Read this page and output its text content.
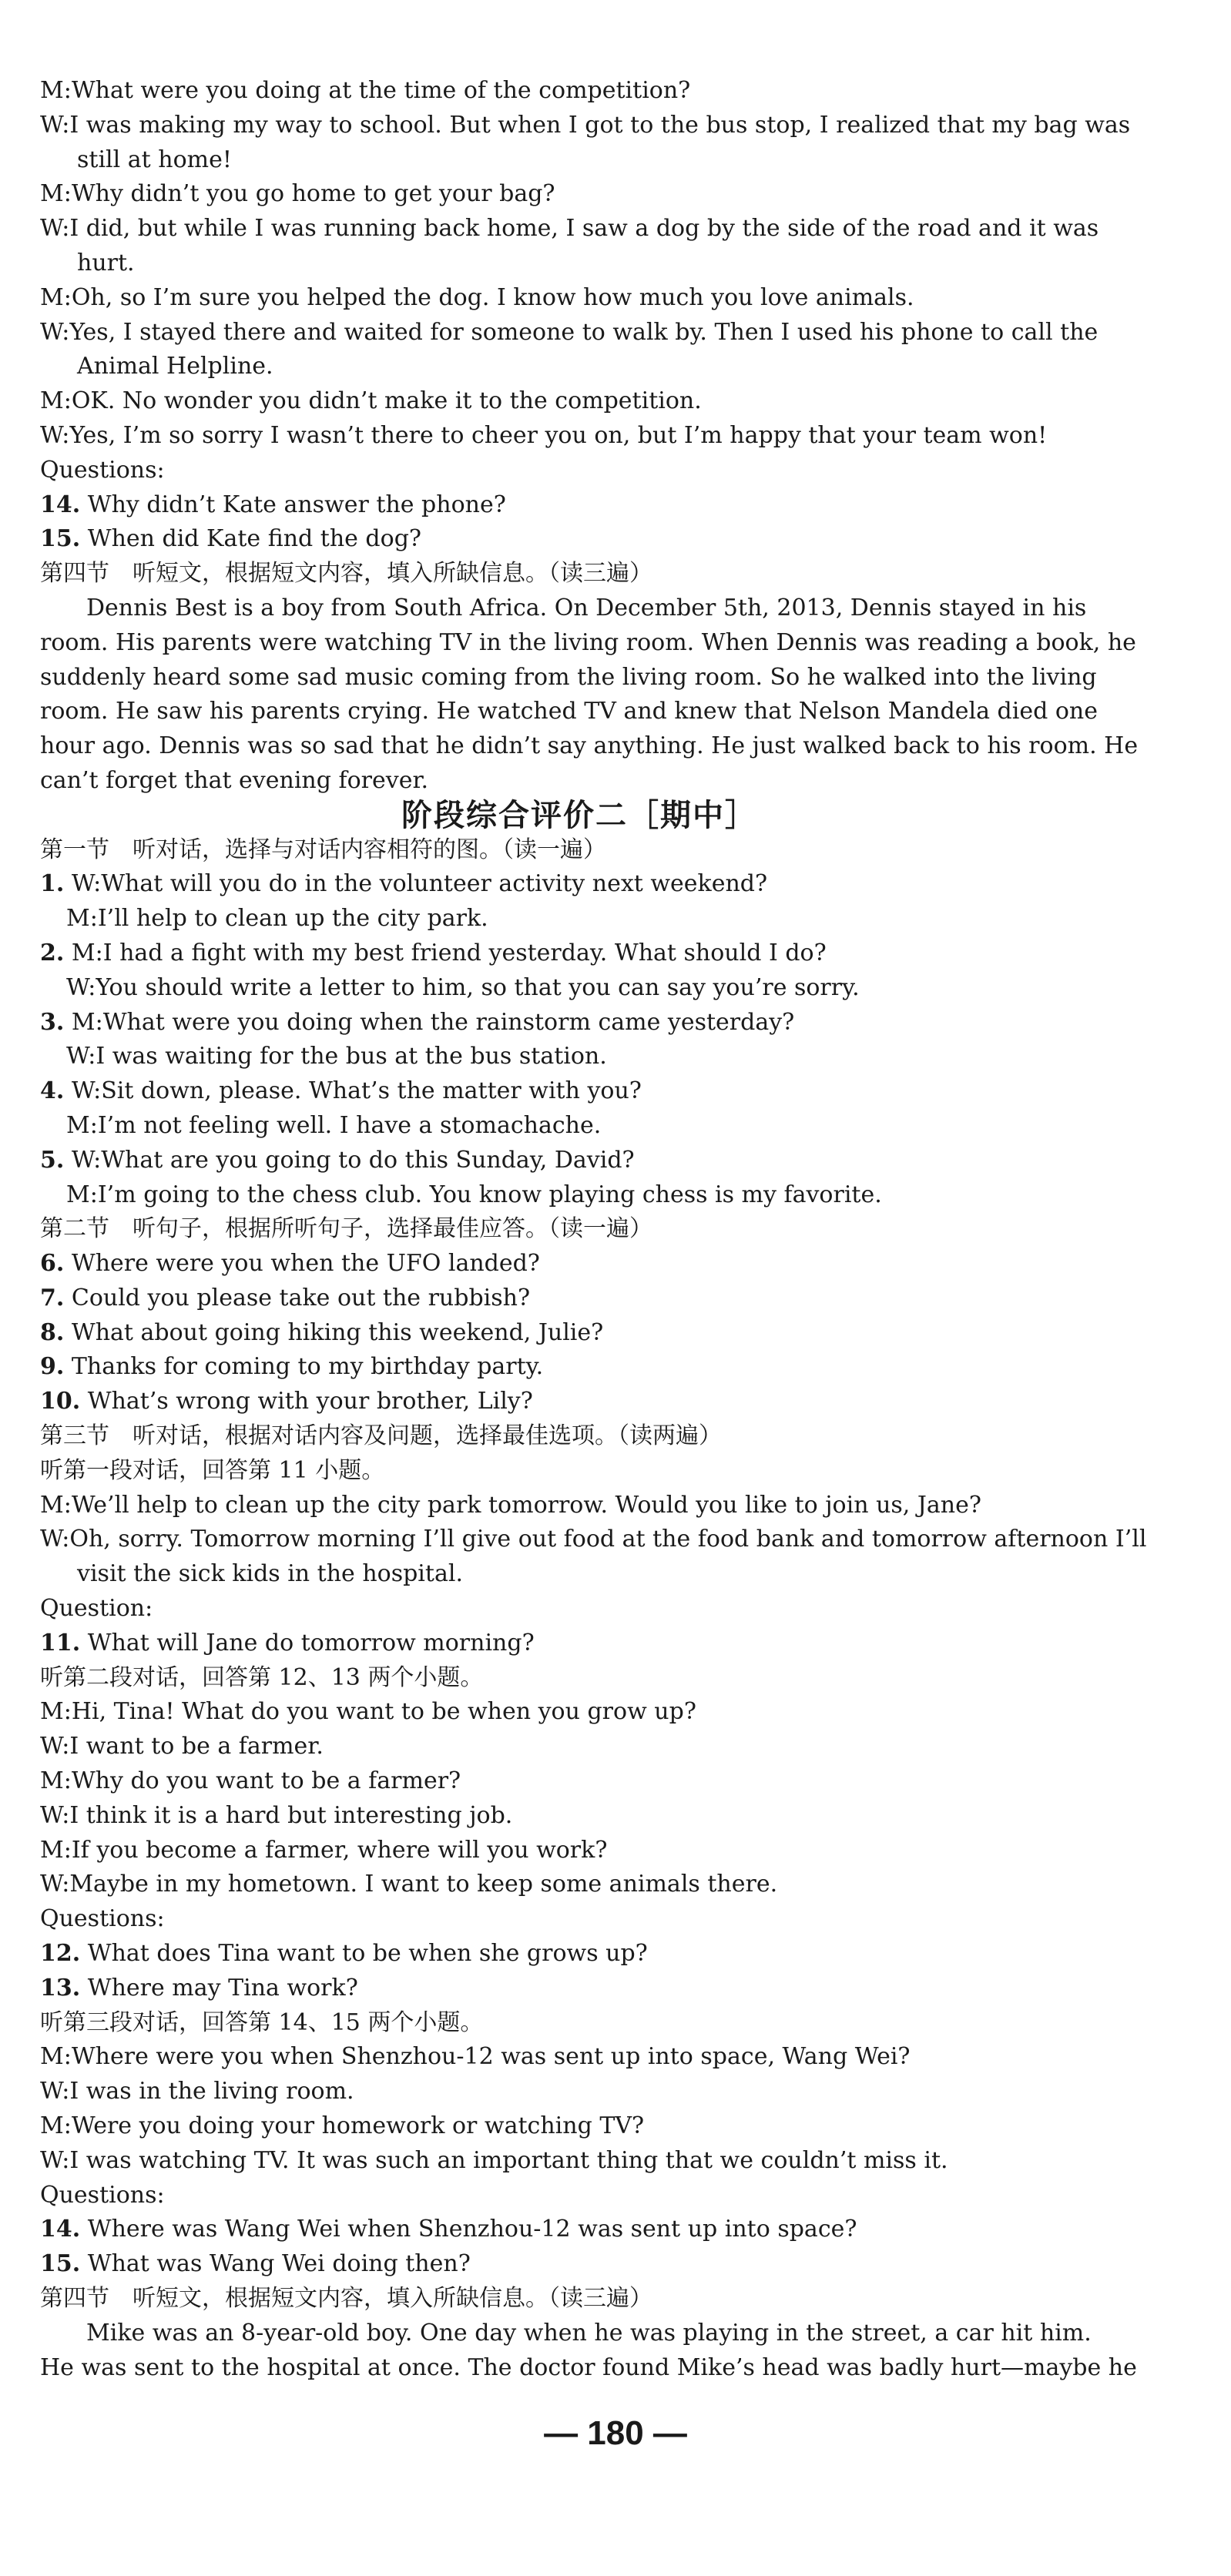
M:What were you doing at the time of the competition?
W:I was making my way to school. But when I got to the bus stop, I realized that my bag was
still at home!
M:Why didn’t you go home to get your bag?
W:I did, but while I was running back home, I saw a dog by the side of the road and it was
hurt.
M:Oh, so I’m sure you helped the dog. I know how much you love animals.
W:Yes, I stayed there and waited for someone to walk by. Then I used his phone to call the
Animal Helpline.
M:OK. No wonder you didn’t make it to the competition.
W:Yes, I’m so sorry I wasn’t there to cheer you on, but I’m happy that your team won!
Questions:
14. Why didn’t Kate answer the phone?
15. When did Kate find the dog?
第四节　听短文，根据短文内容，填入所缺信息。（读三遍）
Dennis Best is a boy from South Africa. On December 5th, 2013, Dennis stayed in his
room. His parents were watching TV in the living room. When Dennis was reading a book, he
suddenly heard some sad music coming from the living room. So he walked into the living
room. He saw his parents crying. He watched TV and knew that Nelson Mandela died one
hour ago. Dennis was so sad that he didn’t say anything. He just walked back to his room. He
can’t forget that evening forever.
阶段综合评价二［期中］
第一节　听对话，选择与对话内容相符的图。（读一遍）
1. W:What will you do in the volunteer activity next weekend?
M:I’ll help to clean up the city park.
2. M:I had a fight with my best friend yesterday. What should I do?
W:You should write a letter to him, so that you can say you’re sorry.
3. M:What were you doing when the rainstorm came yesterday?
W:I was waiting for the bus at the bus station.
4. W:Sit down, please. What’s the matter with you?
M:I’m not feeling well. I have a stomachache.
5. W:What are you going to do this Sunday, David?
M:I’m going to the chess club. You know playing chess is my favorite.
第二节　听句子，根据所听句子，选择最佳应答。（读一遍）
6. Where were you when the UFO landed?
7. Could you please take out the rubbish?
8. What about going hiking this weekend, Julie?
9. Thanks for coming to my birthday party.
10. What’s wrong with your brother, Lily?
第三节　听对话，根据对话内容及问题，选择最佳选项。（读两遍）
听第一段对话，回答第 11 小题。
M:We’ll help to clean up the city park tomorrow. Would you like to join us, Jane?
W:Oh, sorry. Tomorrow morning I’ll give out food at the food bank and tomorrow afternoon I’ll
visit the sick kids in the hospital.
Question:
11. What will Jane do tomorrow morning?
听第二段对话，回答第 12、13 两个小题。
M:Hi, Tina! What do you want to be when you grow up?
W:I want to be a farmer.
M:Why do you want to be a farmer?
W:I think it is a hard but interesting job.
M:If you become a farmer, where will you work?
W:Maybe in my hometown. I want to keep some animals there.
Questions:
12. What does Tina want to be when she grows up?
13. Where may Tina work?
听第三段对话，回答第 14、15 两个小题。
M:Where were you when Shenzhou-12 was sent up into space, Wang Wei?
W:I was in the living room.
M:Were you doing your homework or watching TV?
W:I was watching TV. It was such an important thing that we couldn’t miss it.
Questions:
14. Where was Wang Wei when Shenzhou-12 was sent up into space?
15. What was Wang Wei doing then?
第四节　听短文，根据短文内容，填入所缺信息。（读三遍）
Mike was an 8-year-old boy. One day when he was playing in the street, a car hit him.
He was sent to the hospital at once. The doctor found Mike’s head was badly hurt—maybe he
— 180 —
